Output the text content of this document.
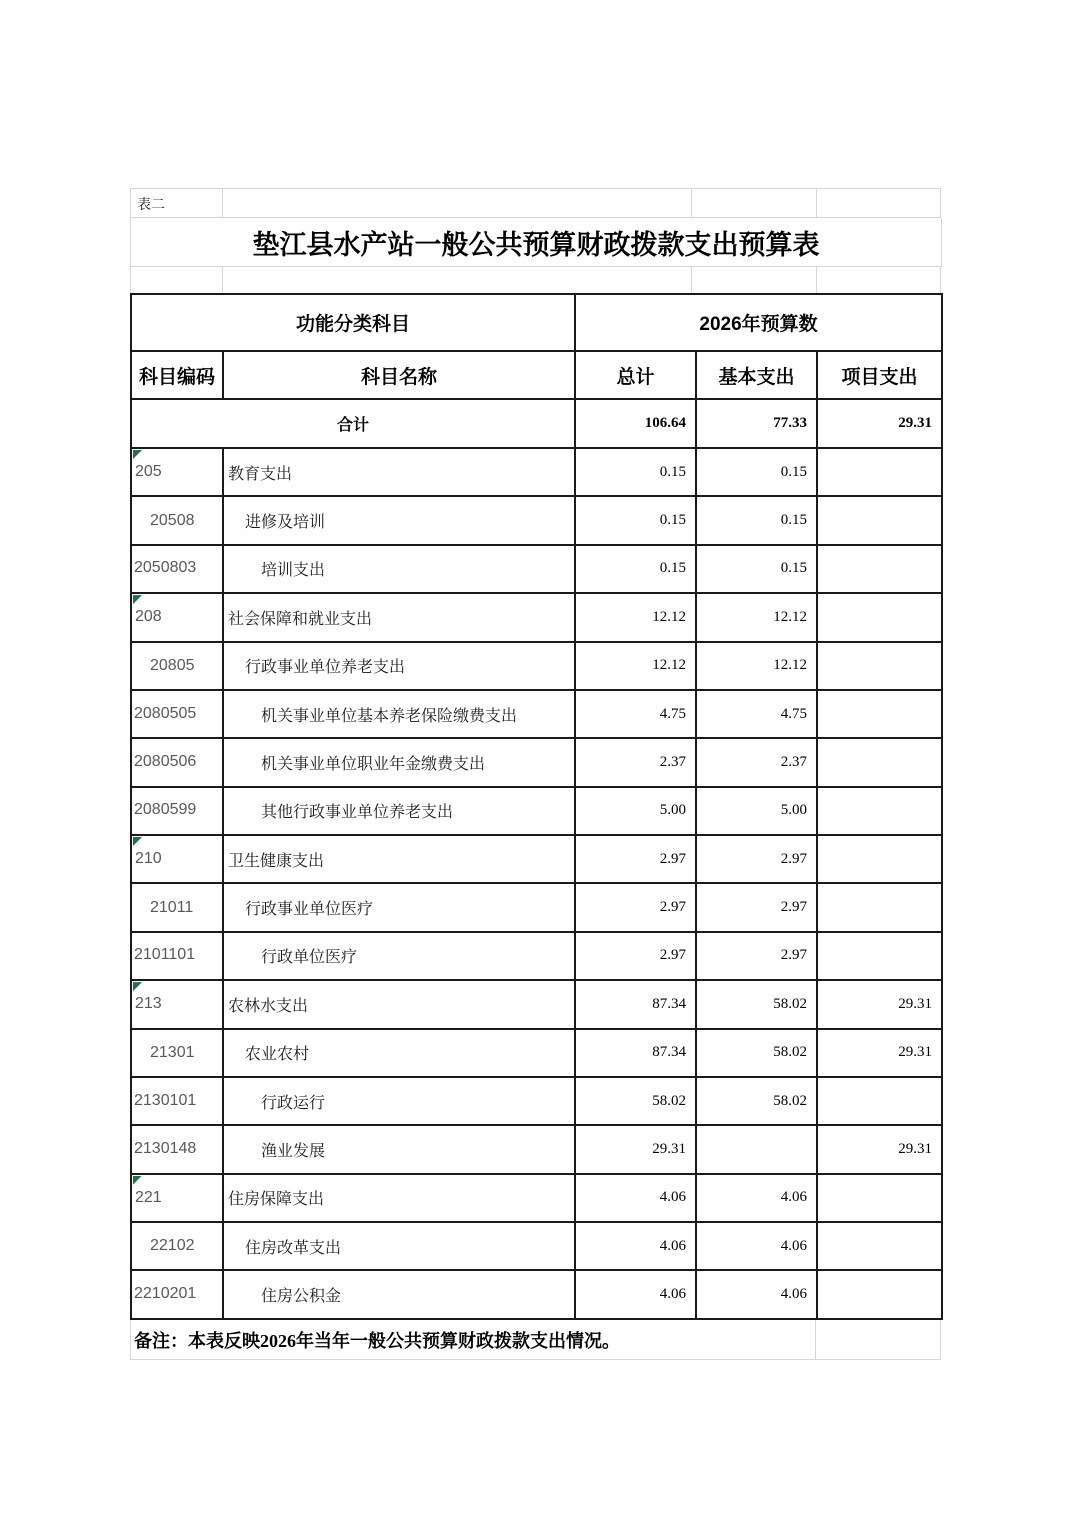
表二
垫江县水产站一般公共预算财政拨款支出预算表
功能分类科目		2026年预算数		
科目编码	科目名称	总计	基本支出	项目支出
合计		106.64	77.33	29.31

205	教育支出	0.15	0.15	
20508	进修及培训	0.15	0.15	
2050803	培训支出	0.15	0.15	

208	社会保障和就业支出	12.12	12.12	
20805	行政事业单位养老支出	12.12	12.12	
2080505	机关事业单位基本养老保险缴费支出	4.75	4.75	
2080506	机关事业单位职业年金缴费支出	2.37	2.37	
2080599	其他行政事业单位养老支出	5.00	5.00	

210	卫生健康支出	2.97	2.97	
21011	行政事业单位医疗	2.97	2.97	
2101101	行政单位医疗	2.97	2.97	

213	农林水支出	87.34	58.02	29.31
21301	农业农村	87.34	58.02	29.31
2130101	行政运行	58.02	58.02	
2130148	渔业发展	29.31		29.31

221	住房保障支出	4.06	4.06	
22102	住房改革支出	4.06	4.06	
2210201	住房公积金	4.06	4.06	
备注：本表反映2026年当年一般公共预算财政拨款支出情况。
